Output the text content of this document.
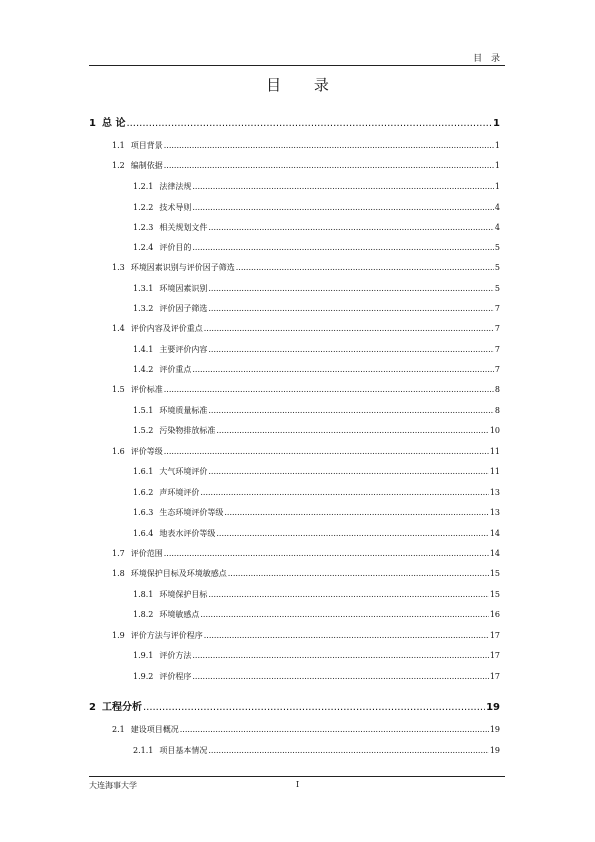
目 录
目 录
1 总 论 .....	1
1.1 项目背景 .....	1
1.2 编制依据 .....	1
1.2.1 法律法规 .....	1
1.2.2 技术导则 .....	4
1.2.3 相关规划文件 .....	4
1.2.4 评价目的 .....	5
1.3 环境因素识别与评价因子筛选 .....	5
1.3.1 环境因素识别 .....	5
1.3.2 评价因子筛选 .....	7
1.4 评价内容及评价重点 .....	7
1.4.1 主要评价内容 .....	7
1.4.2 评价重点 .....	7
1.5 评价标准 .....	8
1.5.1 环境质量标准 .....	8
1.5.2 污染物排放标准 .....	10
1.6 评价等级 .....	11
1.6.1 大气环境评价 .....	11
1.6.2 声环境评价 .....	13
1.6.3 生态环境评价等级 .....	13
1.6.4 地表水评价等级 .....	14
1.7 评价范围 .....	14
1.8 环境保护目标及环境敏感点 .....	15
1.8.1 环境保护目标 .....	15
1.8.2 环境敏感点 .....	16
1.9 评价方法与评价程序 .....	17
1.9.1 评价方法 .....	17
1.9.2 评价程序 .....	17
2 工程分析 .....	19
2.1 建设项目概况 .....	19
2.1.1 项目基本情况 .....	19
大连海事大学	I
